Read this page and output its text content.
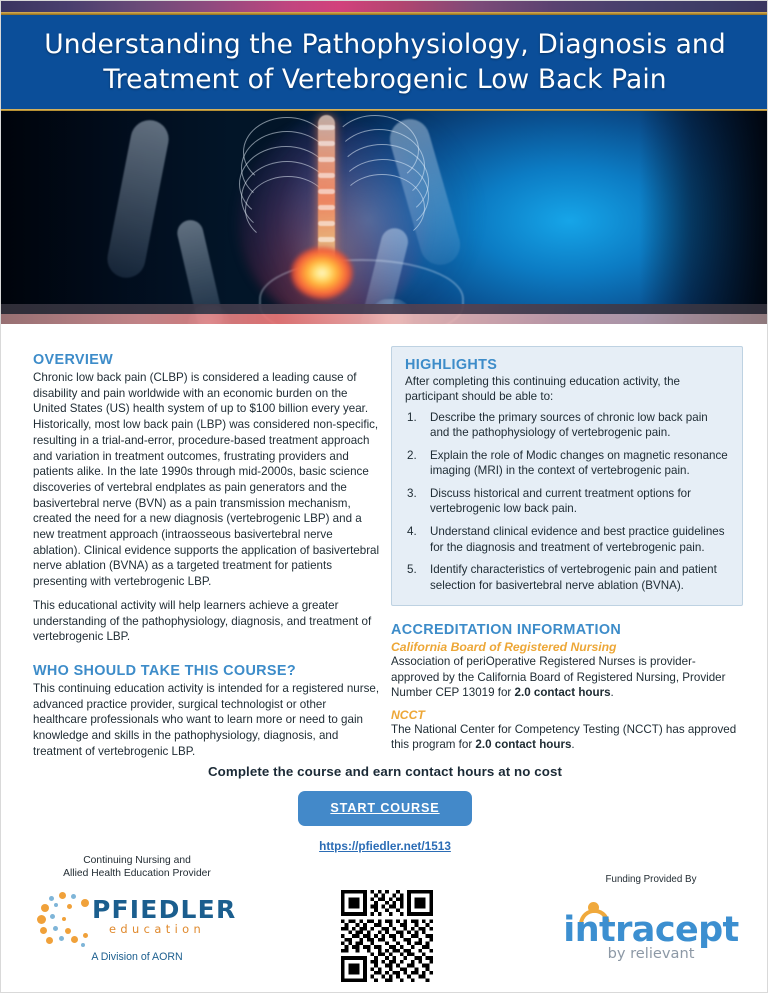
Understanding the Pathophysiology, Diagnosis and Treatment of Vertebrogenic Low Back Pain
OVERVIEW

Chronic low back pain (CLBP) is considered a leading cause of disability and pain worldwide with an economic burden on the United States (US) health system of up to $100 billion every year. Historically, most low back pain (LBP) was considered non-specific, resulting in a trial-and-error, procedure-based treatment approach and variation in treatment outcomes, frustrating providers and patients alike. In the late 1990s through mid-2000s, basic science discoveries of vertebral endplates as pain generators and the basivertebral nerve (BVN) as a pain transmission mechanism, created the need for a new diagnosis (vertebrogenic LBP) and a new treatment approach (intraosseous basivertebral nerve ablation). Clinical evidence supports the application of basivertebral nerve ablation (BVNA) as a targeted treatment for patients presenting with vertebrogenic LBP.

This educational activity will help learners achieve a greater understanding of the pathophysiology, diagnosis, and treatment of vertebrogenic LBP.

WHO SHOULD TAKE THIS COURSE?

This continuing education activity is intended for a registered nurse, advanced practice provider, surgical technologist or other healthcare professionals who want to learn more or need to gain knowledge and skills in the pathophysiology, diagnosis, and treatment of vertebrogenic LBP.

HIGHLIGHTS

After completing this continuing education activity, the participant should be able to:

1.	Describe the primary sources of chronic low back pain and the pathophysiology of vertebrogenic pain.
2.	Explain the role of Modic changes on magnetic resonance imaging (MRI) in the context of vertebrogenic pain.
3.	Discuss historical and current treatment options for vertebrogenic low back pain.
4.	Understand clinical evidence and best practice guidelines for the diagnosis and treatment of vertebrogenic pain.
5.	Identify characteristics of vertebrogenic pain and patient selection for basivertebral nerve ablation (BVNA).
ACCREDITATION INFORMATION
California Board of Registered Nursing

Association of periOperative Registered Nurses is provider-approved by the California Board of Registered Nursing, Provider Number CEP 13019 for 2.0 contact hours.

NCCT

The National Center for Competency Testing (NCCT) has approved this program for 2.0 contact hours.

Complete the course and earn contact hours at no cost
START COURSE
https://pfiedler.net/1513
Continuing Nursing and
Allied Health Education Provider
PFIEDLER
education
A Division of AORN
Funding Provided By
intracept
by relievant
